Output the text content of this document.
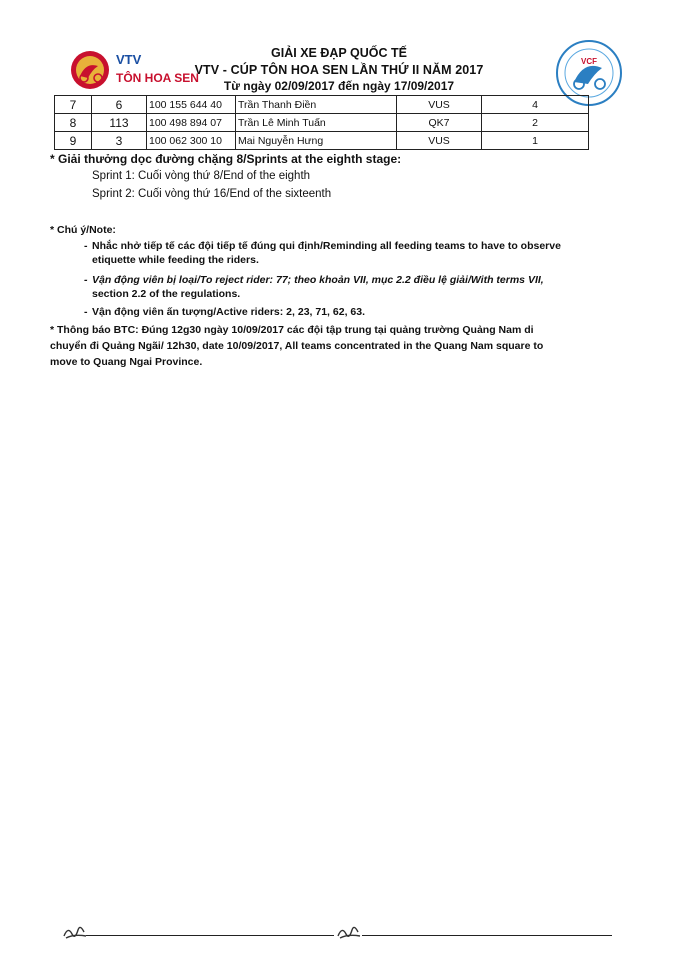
VTV
TÔN HOA SEN
VCF
GIẢI XE ĐẠP QUỐC TẾ
VTV - CÚP TÔN HOA SEN LẦN THỨ II NĂM 2017
Từ ngày 02/09/2017 đến ngày 17/09/2017
7	6	100 155 644 40	Trần Thanh Điền	VUS	4
8	113	100 498 894 07	Trần Lê Minh Tuấn	QK7	2
9	3	100 062 300 10	Mai Nguyễn Hưng	VUS	1
* Giải thưởng dọc đường chặng 8/Sprints at the eighth stage:
Sprint 1: Cuối vòng thứ 8/End of the eighth
Sprint 2: Cuối vòng thứ 16/End of the sixteenth
* Chú ý/Note:
- Nhắc nhở tiếp tế các đội tiếp tế đúng qui định/Reminding all feeding teams to have to observe
etiquette while feeding the riders.
- Vận động viên bị loại/To reject rider: 77; theo khoản VII, mục 2.2 điều lệ giải/With terms VII,
section 2.2 of the regulations.
- Vận động viên ấn tượng/Active riders: 2, 23, 71, 62, 63.
* Thông báo BTC: Đúng 12g30 ngày 10/09/2017 các đội tập trung tại quảng trường Quảng Nam di
chuyển đi Quảng Ngãi/ 12h30, date 10/09/2017, All teams concentrated in the Quang Nam square to
move to Quang Ngai Province.
